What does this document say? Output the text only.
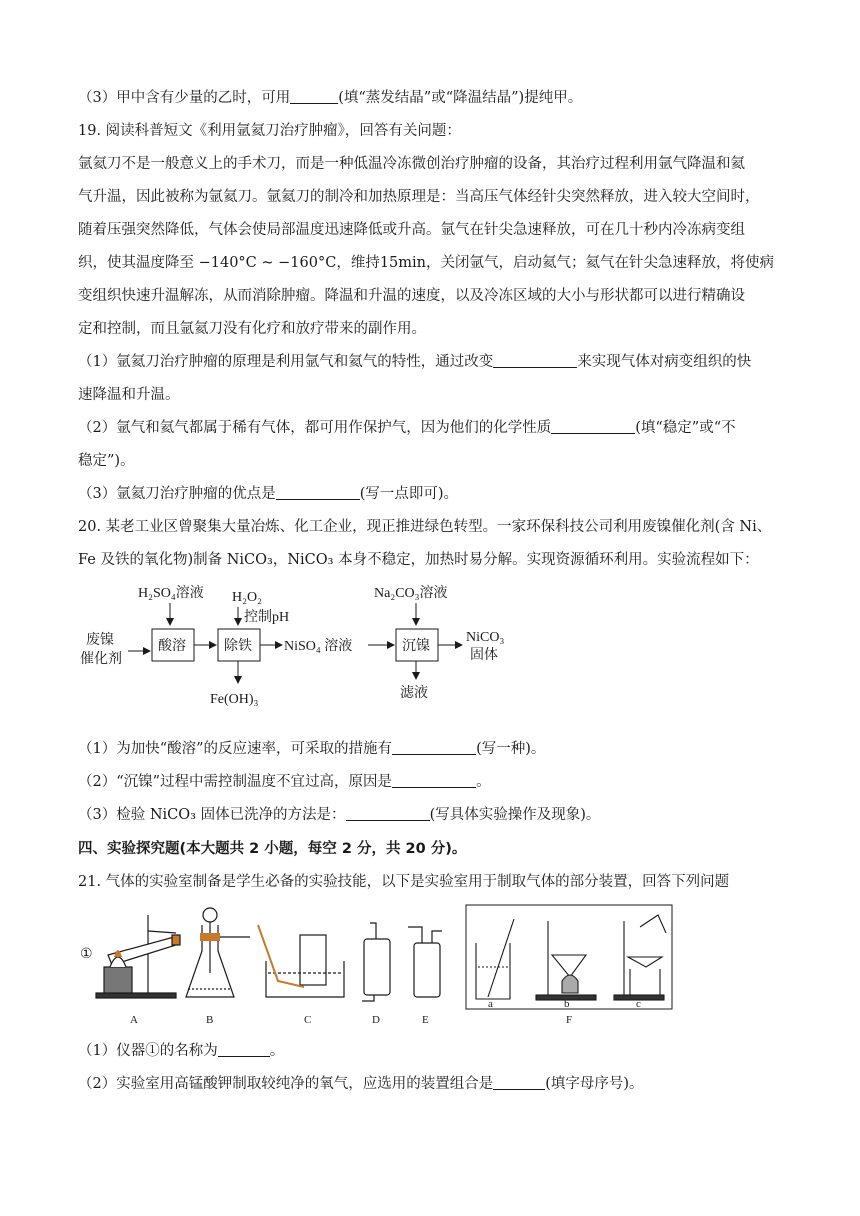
（3）甲中含有少量的乙时，可用	(填“蒸发结晶”或“降温结晶”)提纯甲。

19. 阅读科普短文《利用氩氦刀治疗肿瘤》，回答有关问题：

氩氦刀不是一般意义上的手术刀，而是一种低温冷冻微创治疗肿瘤的设备，其治疗过程利用氩气降温和氦

气升温，因此被称为氩氦刀。氩氦刀的制冷和加热原理是：当高压气体经针尖突然释放，进入较大空间时，

随着压强突然降低，气体会使局部温度迅速降低或升高。氩气在针尖急速释放，可在几十秒内冷冻病变组

织，使其温度降至 −140°C ~ −160°C，维持15min，关闭氩气，启动氦气；氦气在针尖急速释放，将使病

变组织快速升温解冻，从而消除肿瘤。降温和升温的速度，以及冷冻区域的大小与形状都可以进行精确设

定和控制，而且氩氦刀没有化疗和放疗带来的副作用。

（1）氩氦刀治疗肿瘤的原理是利用氩气和氦气的特性，通过改变	来实现气体对病变组织的快

速降温和升温。

（2）氩气和氦气都属于稀有气体，都可用作保护气，因为他们的化学性质	(填“稳定”或“不

稳定”)。

（3）氩氦刀治疗肿瘤的优点是	(写一点即可)。

20. 某老工业区曾聚集大量冶炼、化工企业，现正推进绿色转型。一家环保科技公司利用废镍催化剂(含 Ni、

Fe 及铁的氧化物)制备 NiCO₃，NiCO₃ 本身不稳定，加热时易分解。实现资源循环利用。实验流程如下：

H₂SO₄溶液 H₂O₂
控制pH
Na₂CO₃溶液
废镍
催化剂
酸溶	除铁
Fe(OH)₃
NiSO₄ 溶液	沉镍
滤液
NiCO₃
固体

（1）为加快“酸溶”的反应速率，可采取的措施有	(写一种)。

（2）“沉镍”过程中需控制温度不宜过高，原因是	。

（3）检验 NiCO₃ 固体已洗净的方法是：	(写具体实验操作及现象)。

四、实验探究题(本大题共 2 小题，每空 2 分，共 20 分)。

21. 气体的实验室制备是学生必备的实验技能，以下是实验室用于制取气体的部分装置，回答下列问题

①
A	B	C	D	E
a	b	c
F

（1）仪器①的名称为	。

（2）实验室用高锰酸钾制取较纯净的氧气，应选用的装置组合是	(填字母序号)。
